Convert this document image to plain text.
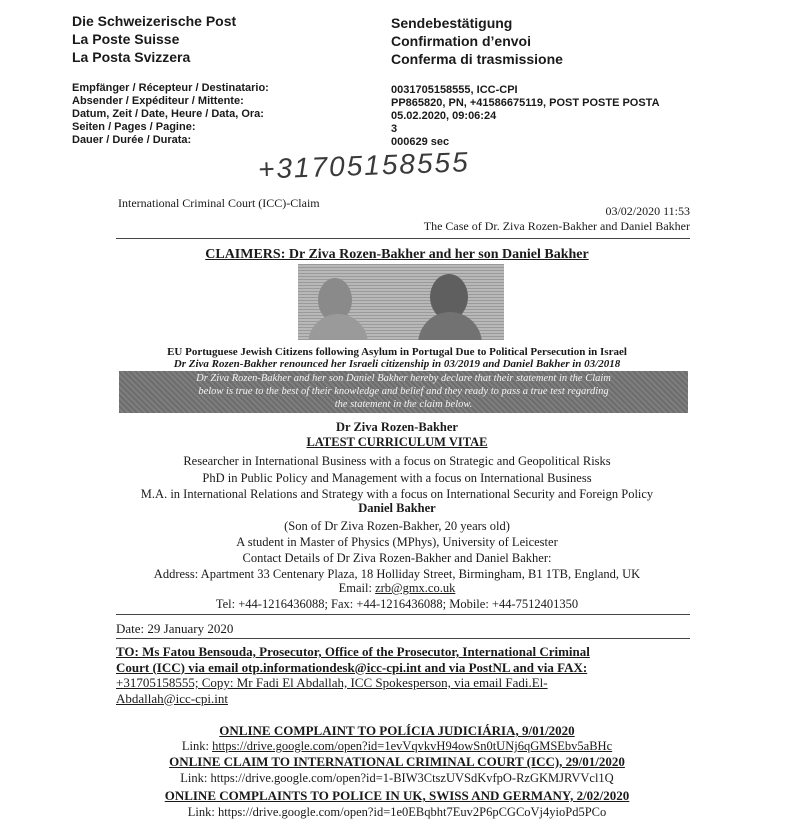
Die Schweizerische Post
La Poste Suisse
La Posta Svizzera
Sendebestätigung
Confirmation d’envoi
Conferma di trasmissione
Empfänger / Récepteur / Destinatario:
Absender / Expéditeur / Mittente:
Datum, Zeit / Date, Heure / Data, Ora:
Seiten / Pages / Pagine:
Dauer / Durée / Durata:
0031705158555, ICC-CPI
PP865820, PN, +41586675119, POST POSTE POSTA
05.02.2020, 09:06:24
3
000629 sec
+31705158555
International Criminal Court (ICC)-Claim
03/02/2020 11:53
The Case of Dr. Ziva Rozen-Bakher and Daniel Bakher
CLAIMERS: Dr Ziva Rozen-Bakher and her son Daniel Bakher
EU Portuguese Jewish Citizens following Asylum in Portugal Due to Political Persecution in Israel
Dr Ziva Rozen-Bakher renounced her Israeli citizenship in 03/2019 and Daniel Bakher in 03/2018
Dr Ziva Rozen-Bakher and her son Daniel Bakher hereby declare that their statement in the Claim
below is true to the best of their knowledge and belief and they ready to pass a true test regarding
the statement in the claim below.
Dr Ziva Rozen-Bakher
LATEST CURRICULUM VITAE
Researcher in International Business with a focus on Strategic and Geopolitical Risks
PhD in Public Policy and Management with a focus on International Business
M.A. in International Relations and Strategy with a focus on International Security and Foreign Policy
Daniel Bakher
(Son of Dr Ziva Rozen-Bakher, 20 years old)
A student in Master of Physics (MPhys), University of Leicester
Contact Details of Dr Ziva Rozen-Bakher and Daniel Bakher:
Address: Apartment 33 Centenary Plaza, 18 Holliday Street, Birmingham, B1 1TB, England, UK
Email: zrb@gmx.co.uk
Tel: +44-1216436088; Fax: +44-1216436088; Mobile: +44-7512401350
Date: 29 January 2020
TO: Ms Fatou Bensouda, Prosecutor, Office of the Prosecutor, International Criminal
Court (ICC) via email otp.informationdesk@icc-cpi.int and via PostNL and via FAX:
+31705158555; Copy: Mr Fadi El Abdallah, ICC Spokesperson, via email Fadi.El-
Abdallah@icc-cpi.int
ONLINE COMPLAINT TO POLÍCIA JUDICIÁRIA, 9/01/2020
Link: https://drive.google.com/open?id=1evVqvkvH94owSn0tUNj6qGMSEbv5aBHc
ONLINE CLAIM TO INTERNATIONAL CRIMINAL COURT (ICC), 29/01/2020
Link: https://drive.google.com/open?id=1-BIW3CtszUVSdKvfpO-RzGKMJRVVcl1Q
ONLINE COMPLAINTS TO POLICE IN UK, SWISS AND GERMANY, 2/02/2020
Link: https://drive.google.com/open?id=1e0EBqbht7Euv2P6pCGCoVj4yioPd5PCo
